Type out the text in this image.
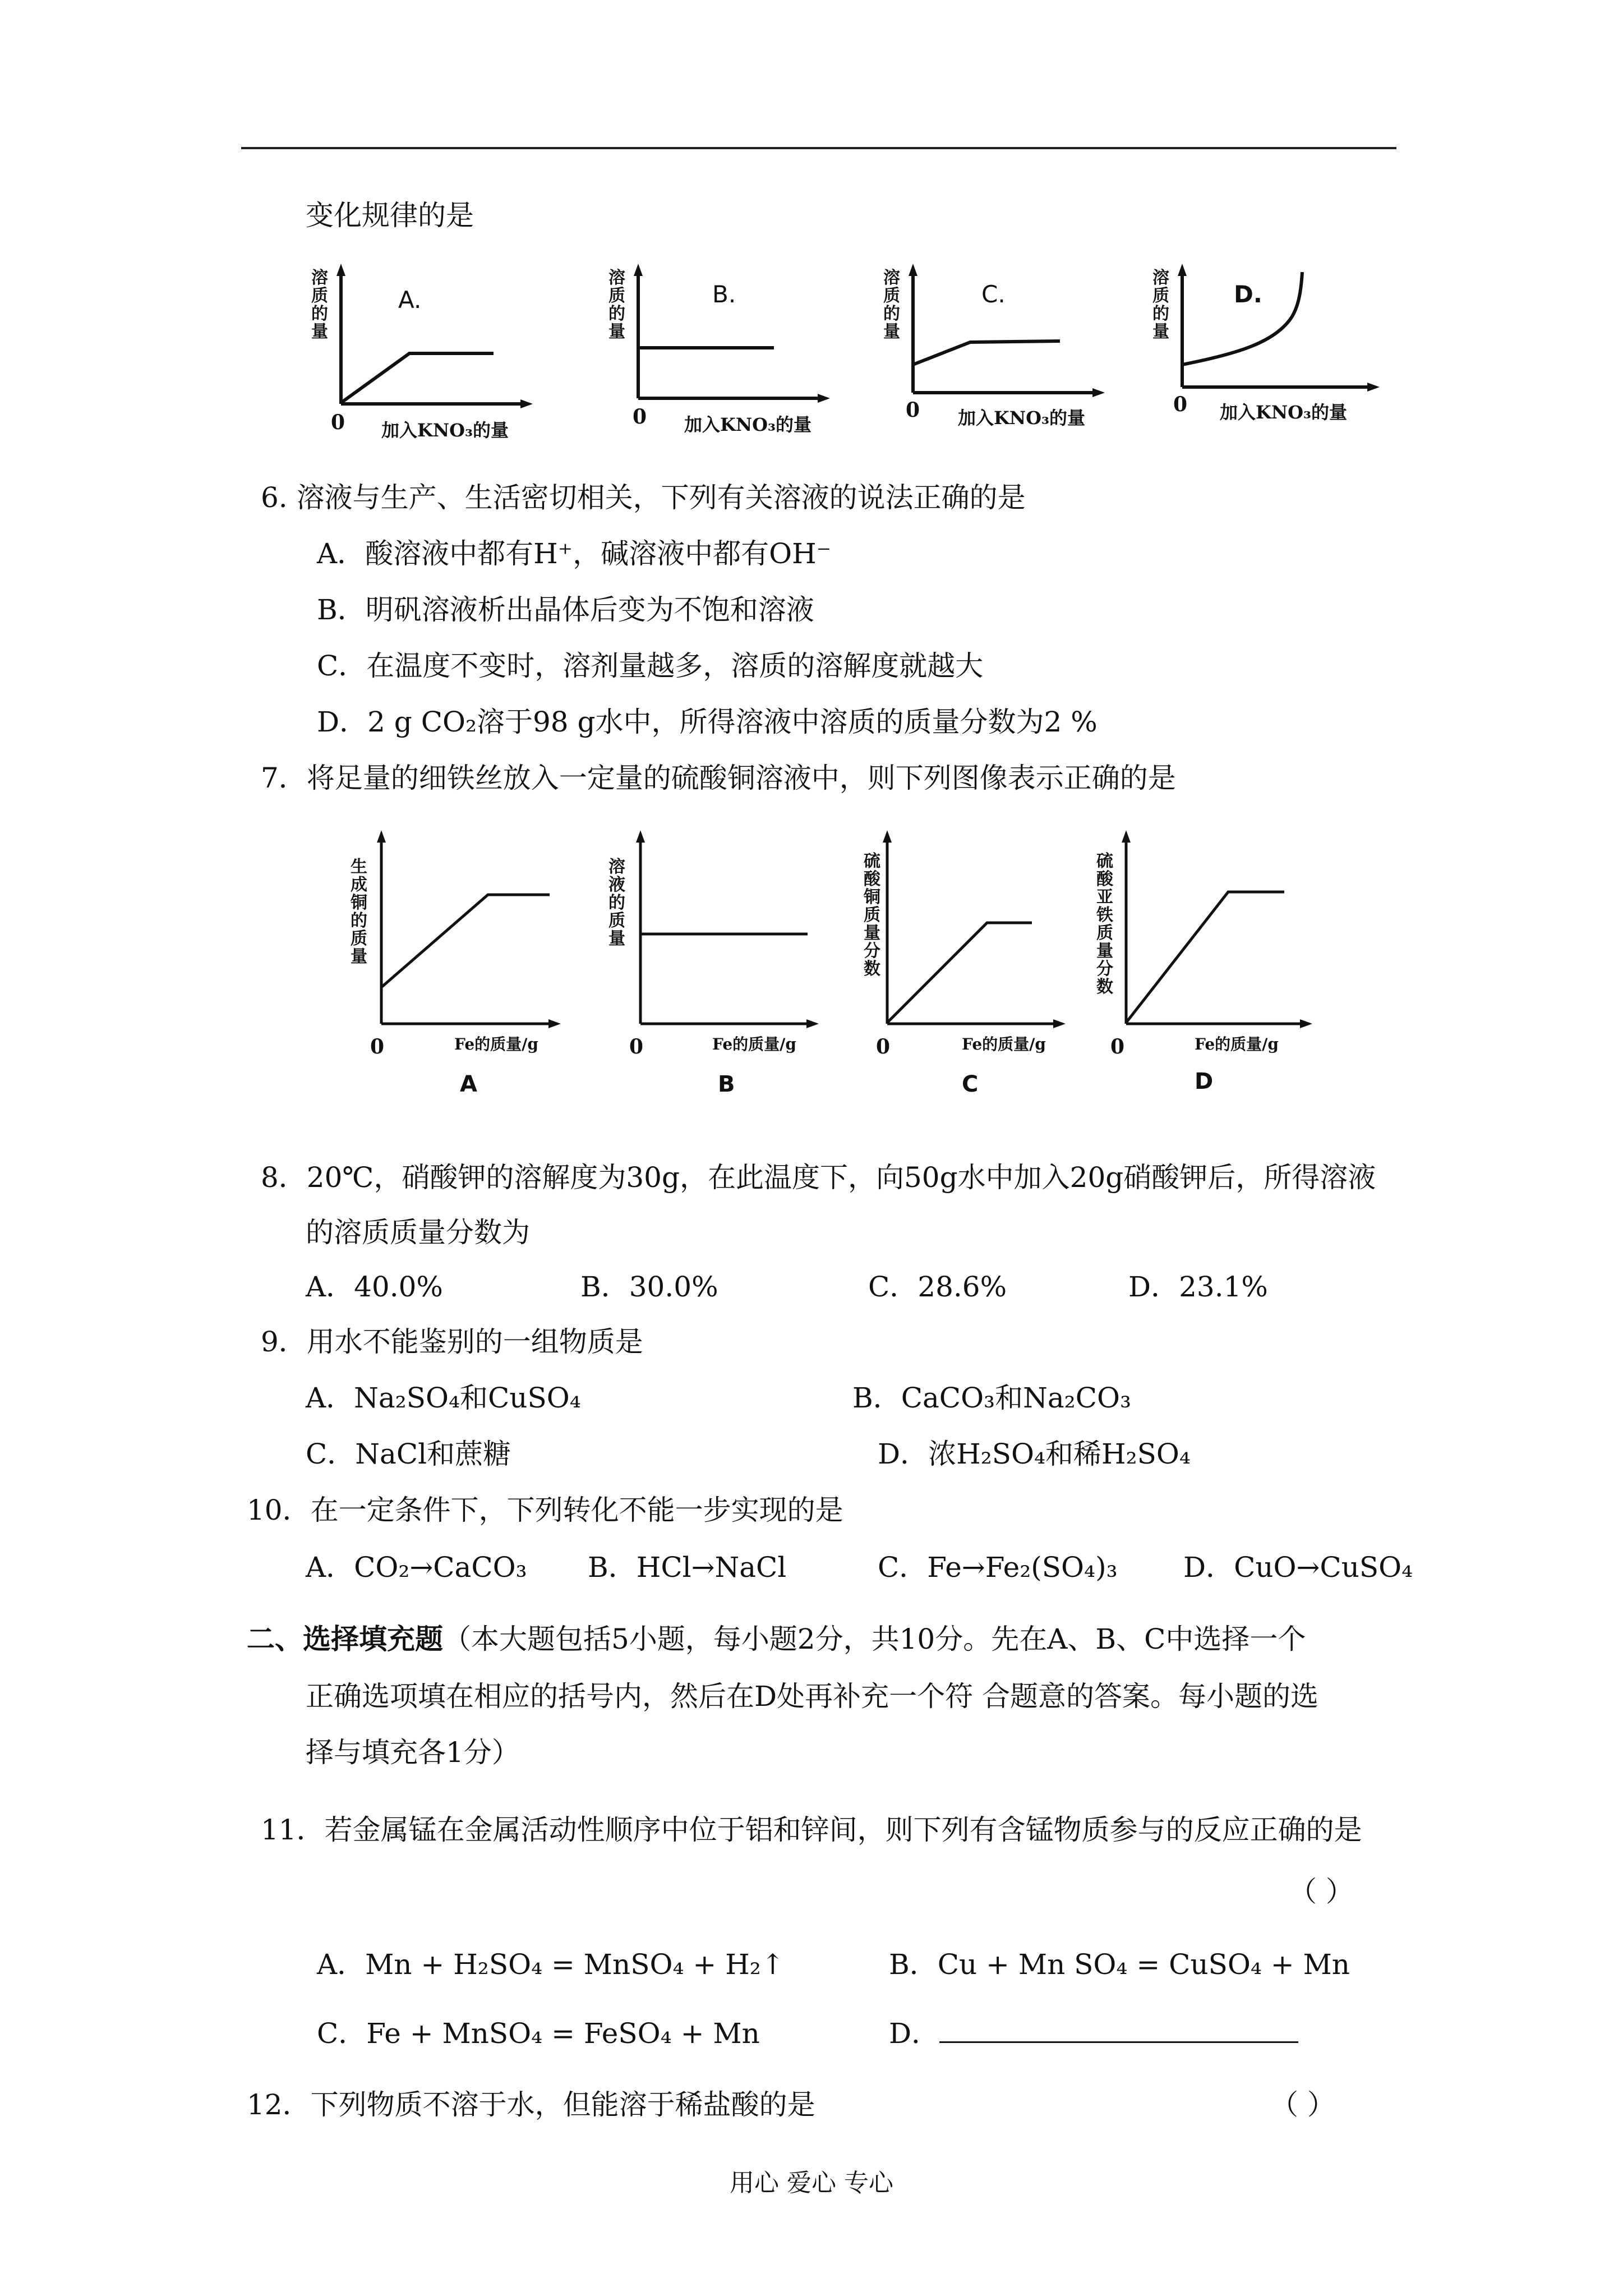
变化规律的是
溶质的量
A.
0 加入KNO₃的量
溶质的量
B.
0 加入KNO₃的量
溶质的量
C.
0 加入KNO₃的量
溶质的量
D.
0 加入KNO₃的量
6. 溶液与生产、生活密切相关，下列有关溶液的说法正确的是
A．酸溶液中都有H⁺，碱溶液中都有OH⁻
B．明矾溶液析出晶体后变为不饱和溶液
C．在温度不变时，溶剂量越多，溶质的溶解度就越大
D．2 g CO₂溶于98 g水中，所得溶液中溶质的质量分数为2 %
7．将足量的细铁丝放入一定量的硫酸铜溶液中，则下列图像表示正确的是
生成铜的质量
0	Fe的质量/g
A
溶液的质量
0	Fe的质量/g
B
硫酸铜质量分数
0	Fe的质量/g
C
硫酸亚铁质量分数
0	Fe的质量/g
D
8．20℃，硝酸钾的溶解度为30g，在此温度下，向50g水中加入20g硝酸钾后，所得溶液
的溶质质量分数为
A．40.0%	B．30.0%	C．28.6%	D．23.1%
9．用水不能鉴别的一组物质是
A．Na₂SO₄和CuSO₄	B．CaCO₃和Na₂CO₃
C．NaCl和蔗糖	D．浓H₂SO₄和稀H₂SO₄
10．在一定条件下，下列转化不能一步实现的是
A．CO₂→CaCO₃ B．HCl→NaCl	C．Fe→Fe₂(SO₄)₃ D．CuO→CuSO₄
二、选择填充题（本大题包括5小题，每小题2分，共10分。先在A、B、C中选择一个
正确选项填在相应的括号内，然后在D处再补充一个符 合题意的答案。每小题的选
择与填充各1分）
11．若金属锰在金属活动性顺序中位于铝和锌间，则下列有含锰物质参与的反应正确的是
（ ）
A．Mn + H₂SO₄ = MnSO₄ + H₂↑	B．Cu + Mn SO₄ = CuSO₄ + Mn
C．Fe + MnSO₄ = FeSO₄ + Mn	D．
12．下列物质不溶于水，但能溶于稀盐酸的是	（ ）
用心 爱心 专心
